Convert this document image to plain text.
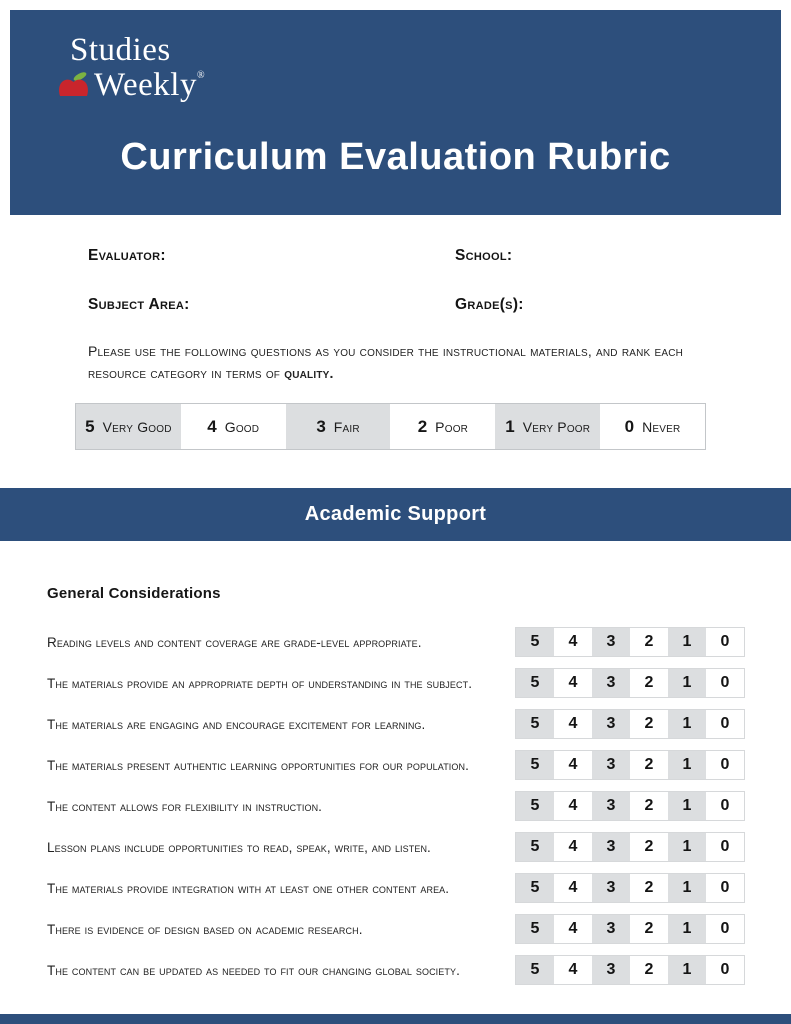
Studies
Weekly®
Curriculum Evaluation Rubric
Evaluator:	School:
Subject Area:	Grade(s):
Please use the following questions as you consider the instructional materials, and rank each resource category in terms of quality.
5 Very Good 4 Good	3 Fair	2 Poor 1 Very Poor 0 Never
Academic Support
General Considerations
Reading levels and content coverage are grade-level appropriate.	5	4	3	2	1	0
The materials provide an appropriate depth of understanding in the subject.	5	4	3	2	1	0
The materials are engaging and encourage excitement for learning.	5	4	3	2	1	0
The materials present authentic learning opportunities for our population.	5	4	3	2	1	0
The content allows for flexibility in instruction.	5	4	3	2	1	0
Lesson plans include opportunities to read, speak, write, and listen.	5	4	3	2	1	0
The materials provide integration with at least one other content area.	5	4	3	2	1	0
There is evidence of design based on academic research.	5	4	3	2	1	0
The content can be updated as needed to fit our changing global society.	5	4	3	2	1	0
